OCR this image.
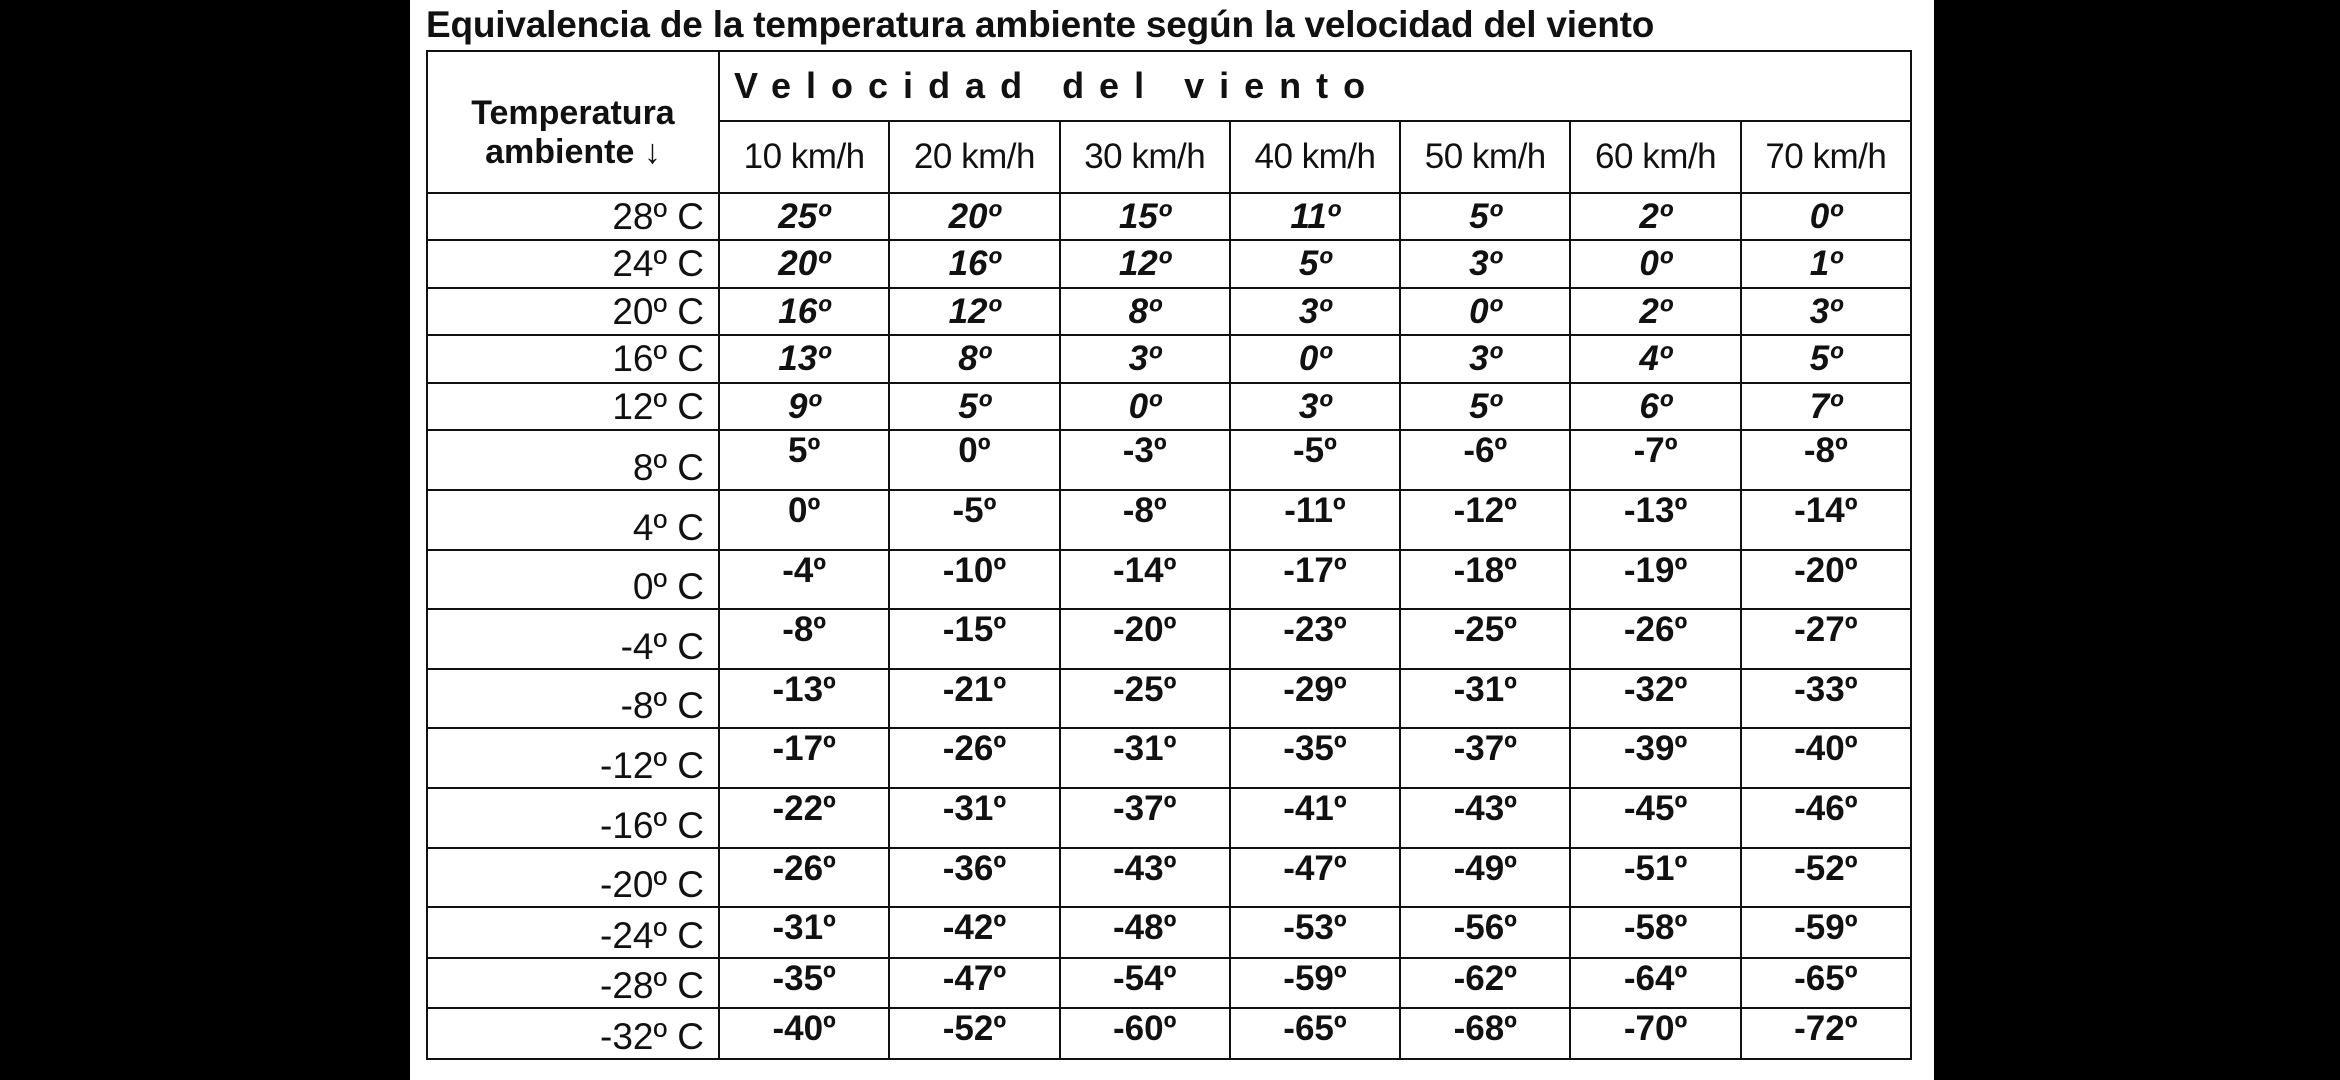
Equivalencia de la temperatura ambiente según la velocidad del viento
Temperatura
ambiente ↓	Velocidad del viento						
	10 km/h	20 km/h	30 km/h	40 km/h	50 km/h	60 km/h	70 km/h
28º C	25º	20º	15º	11º	5º	2º	0º
24º C	20º	16º	12º	5º	3º	0º	1º
20º C	16º	12º	8º	3º	0º	2º	3º
16º C	13º	8º	3º	0º	3º	4º	5º
12º C	9º	5º	0º	3º	5º	6º	7º
8º C	5º	0º	-3º	-5º	-6º	-7º	-8º
4º C	0º	-5º	-8º	-11º	-12º	-13º	-14º
0º C	-4º	-10º	-14º	-17º	-18º	-19º	-20º
-4º C	-8º	-15º	-20º	-23º	-25º	-26º	-27º
-8º C	-13º	-21º	-25º	-29º	-31º	-32º	-33º
-12º C	-17º	-26º	-31º	-35º	-37º	-39º	-40º
-16º C	-22º	-31º	-37º	-41º	-43º	-45º	-46º
-20º C	-26º	-36º	-43º	-47º	-49º	-51º	-52º
-24º C	-31º	-42º	-48º	-53º	-56º	-58º	-59º
-28º C	-35º	-47º	-54º	-59º	-62º	-64º	-65º
-32º C	-40º	-52º	-60º	-65º	-68º	-70º	-72º
